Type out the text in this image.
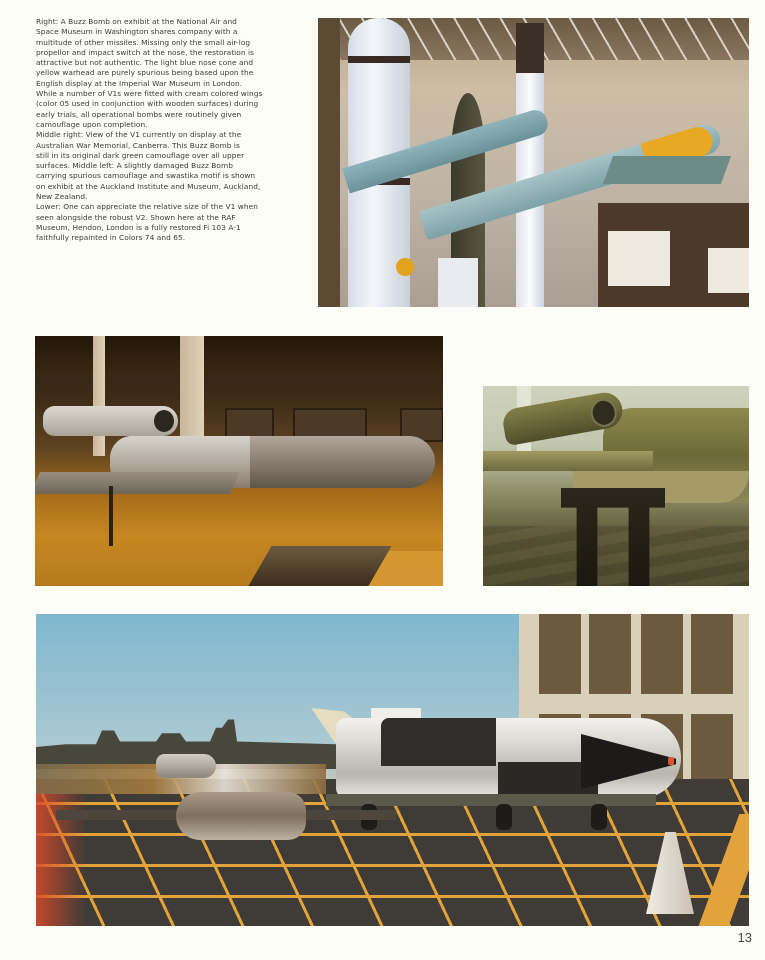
Right: A Buzz Bomb on exhibit at the National Air and

Space Museum in Washington shares company with a

multitude of other missiles. Missing only the small air-log

propellor and impact switch at the nose, the restoration is

attractive but not authentic. The light blue nose cone and

yellow warhead are purely spurious being based upon the

English display at the Imperial War Museum in London.

While a number of V1s were fitted with cream colored wings

(color 05 used in conjunction with wooden surfaces) during

early trials, all operational bombs were routinely given

camouflage upon completion.

Middle right: View of the V1 currently on display at the

Australian War Memorial, Canberra. This Buzz Bomb is

still in its original dark green camouflage over all upper

surfaces. Middle left: A slightly damaged Buzz Bomb

carrying spurious camouflage and swastika motif is shown

on exhibit at the Auckland Institute and Museum, Auckland,

New Zealand.

Lower: One can appreciate the relative size of the V1 when

seen alongside the robust V2. Shown here at the RAF

Museum, Hendon, London is a fully restored Fi 103 A-1

faithfully repainted in Colors 74 and 65.

13
